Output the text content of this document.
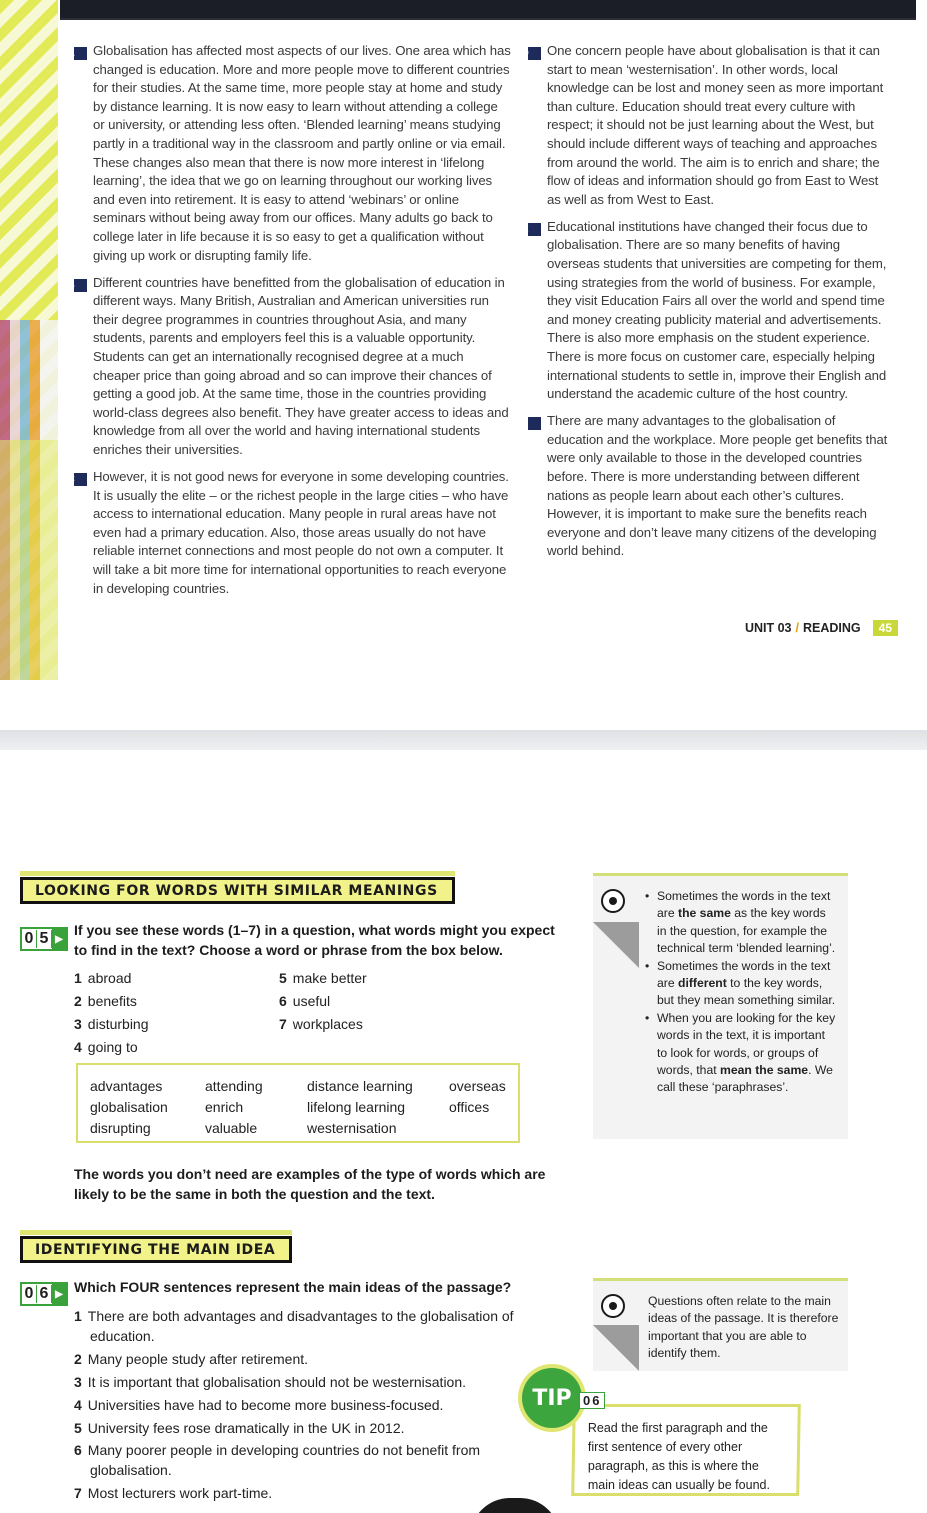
A Globalisation has affected most aspects of our lives. One area which has changed is education. More and more people move to different countries for their studies. At the same time, more people stay at home and study by distance learning. It is now easy to learn without attending a college or university, or attending less often. ‘Blended learning’ means studying partly in a traditional way in the classroom and partly online or via email. These changes also mean that there is now more interest in ‘lifelong learning’, the idea that we go on learning throughout our working lives and even into retirement. It is easy to attend ‘webinars’ or online seminars without being away from our offices. Many adults go back to college later in life because it is so easy to get a qualification without giving up work or disrupting family life.
B Different countries have benefitted from the globalisation of education in different ways. Many British, Australian and American universities run their degree programmes in countries throughout Asia, and many students, parents and employers feel this is a valuable opportunity. Students can get an internationally recognised degree at a much cheaper price than going abroad and so can improve their chances of getting a good job. At the same time, those in the countries providing world-class degrees also benefit. They have greater access to ideas and knowledge from all over the world and having international students enriches their universities.
C However, it is not good news for everyone in some developing countries. It is usually the elite – or the richest people in the large cities – who have access to international education. Many people in rural areas have not even had a primary education. Also, those areas usually do not have reliable internet connections and most people do not own a computer. It will take a bit more time for international opportunities to reach everyone in developing countries.
D One concern people have about globalisation is that it can start to mean ‘westernisation’. In other words, local knowledge can be lost and money seen as more important than culture. Education should treat every culture with respect; it should not be just learning about the West, but should include different ways of teaching and approaches from around the world. The aim is to enrich and share; the flow of ideas and information should go from East to West as well as from West to East.
E Educational institutions have changed their focus due to globalisation. There are so many benefits of having overseas students that universities are competing for them, using strategies from the world of business. For example, they visit Education Fairs all over the world and spend time and money creating publicity material and advertisements. There is also more emphasis on the student experience. There is more focus on customer care, especially helping international students to settle in, improve their English and understand the academic culture of the host country.
F There are many advantages to the globalisation of education and the workplace. More people get benefits that were only available to those in the developed countries before. There is more understanding between different nations as people learn about each other’s cultures. However, it is important to make sure the benefits reach everyone and don’t leave many citizens of the developing world behind.
UNIT 03 / READING	45
LOOKING FOR WORDS WITH SIMILAR MEANINGS
0 5 ▶
If you see these words (1–7) in a question, what words might you expect to find in the text? Choose a word or phrase from the box below.
1 abroad
2 benefits
3 disturbing
4 going to
5 make better
6 useful
7 workplaces
advantages	attending	distance learning	overseas
globalisation	enrich	lifelong learning	offices
disrupting	valuable	westernisation
The words you don’t need are examples of the type of words which are likely to be the same in both the question and the text.
• Sometimes the words in the text are the same as the key words in the question, for example the technical term ‘blended learning’.
• Sometimes the words in the text are different to the key words, but they mean something similar.
• When you are looking for the key words in the text, it is important to look for words, or groups of words, that mean the same. We call these ‘paraphrases’.
IDENTIFYING THE MAIN IDEA
0 6 ▶ Which FOUR sentences represent the main ideas of the passage?
1 There are both advantages and disadvantages to the globalisation of education.
2 Many people study after retirement.
3 It is important that globalisation should not be westernisation.
4 Universities have had to become more business-focused.
5 University fees rose dramatically in the UK in 2012.
6 Many poorer people in developing countries do not benefit from globalisation.
7 Most lecturers work part-time.
Questions often relate to the main ideas of the passage. It is therefore important that you are able to identify them.
Read the first paragraph and the first sentence of every other paragraph, as this is where the main ideas can usually be found.
TIP 06
